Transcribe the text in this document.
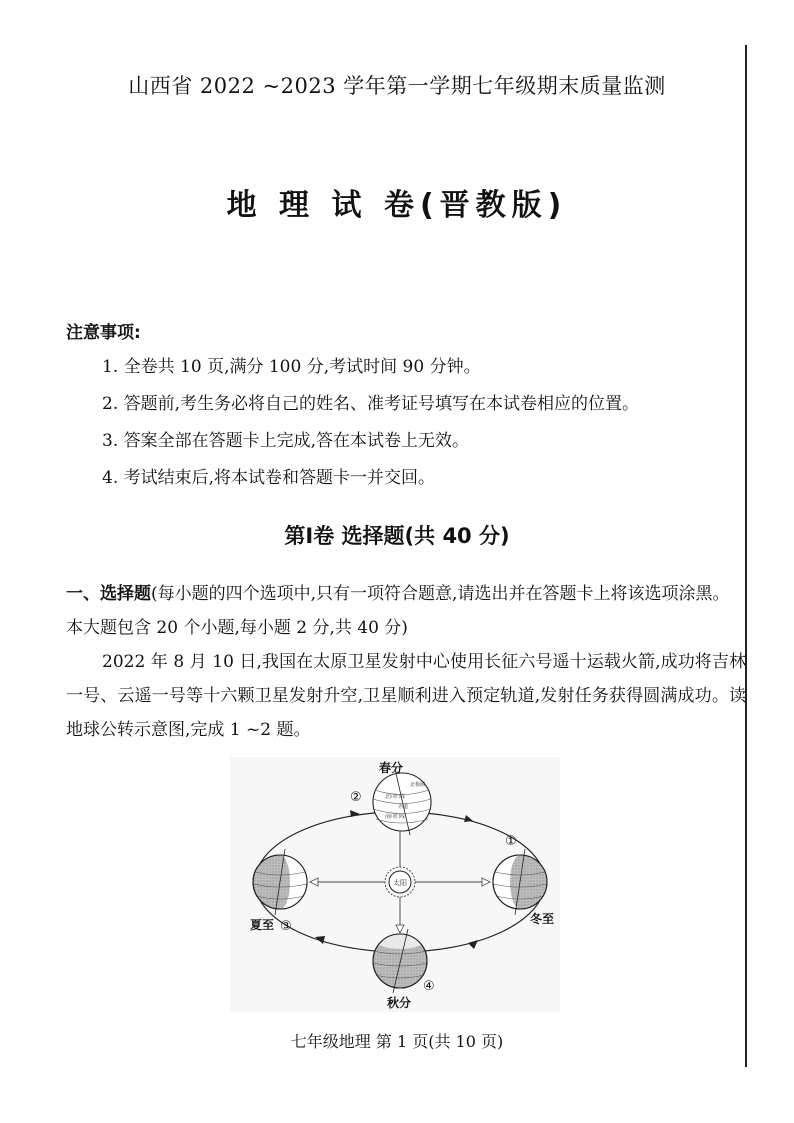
山西省 2022 ~2023 学年第一学期七年级期末质量监测
地 理 试 卷(晋教版)
注意事项:
1. 全卷共 10 页,满分 100 分,考试时间 90 分钟。
2. 答题前,考生务必将自己的姓名、准考证号填写在本试卷相应的位置。
3. 答案全部在答题卡上完成,答在本试卷上无效。
4. 考试结束后,将本试卷和答题卡一并交回。
第Ⅰ卷 选择题(共 40 分)
一、选择题(每小题的四个选项中,只有一项符合题意,请选出并在答题卡上将该选项涂黑。本大题包含 20 个小题,每小题 2 分,共 40 分)
2022 年 8 月 10 日,我国在太原卫星发射中心使用长征六号遥十运载火箭,成功将吉林一号、云遥一号等十六颗卫星发射升空,卫星顺利进入预定轨道,发射任务获得圆满成功。读地球公转示意图,完成 1 ~2 题。
太阳
北极圈
北回归线
赤道
南回归线
春分
②
夏至 ③
①
冬至
④
秋分
七年级地理 第 1 页(共 10 页)
